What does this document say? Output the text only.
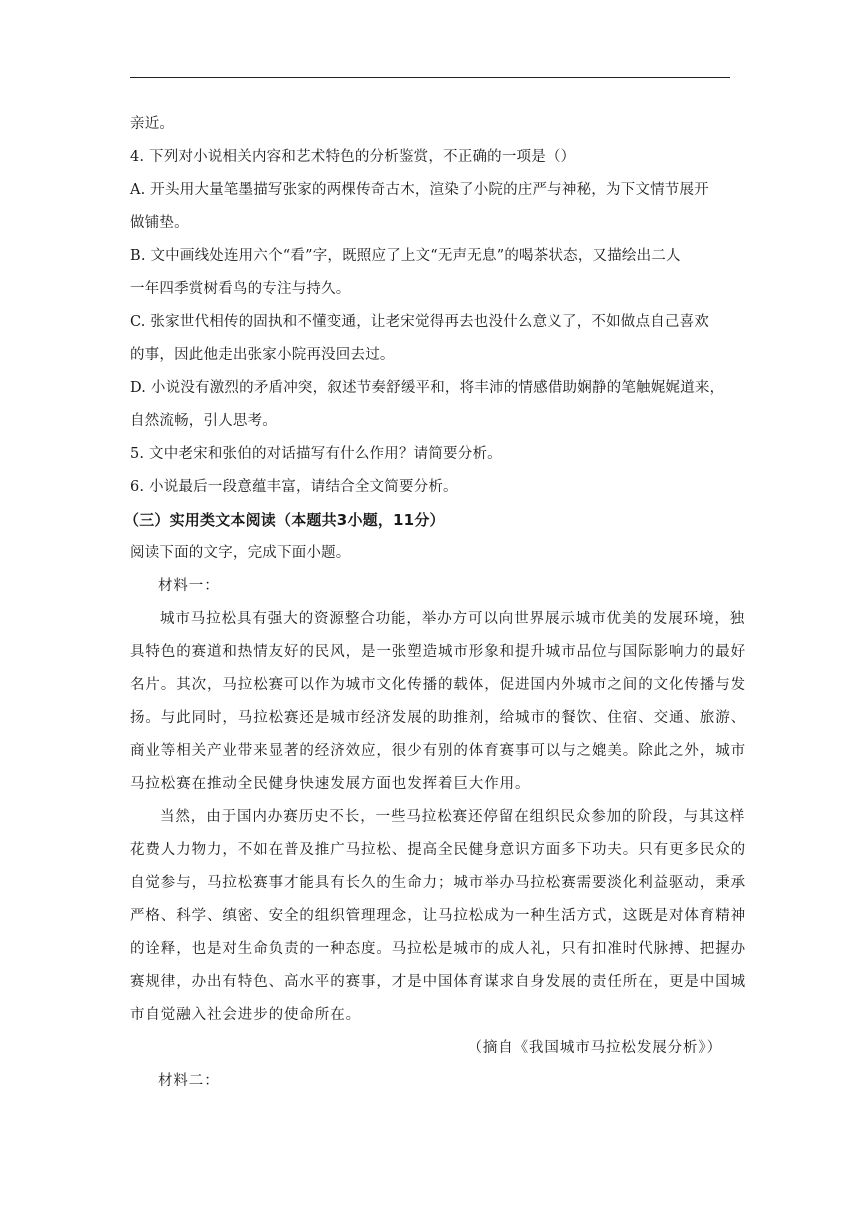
亲近。
4. 下列对小说相关内容和艺术特色的分析鉴赏，不正确的一项是（）
A. 开头用大量笔墨描写张家的两棵传奇古木，渲染了小院的庄严与神秘，为下文情节展开
做铺垫。
B. 文中画线处连用六个“看”字，既照应了上文“无声无息”的喝茶状态，又描绘出二人
一年四季赏树看鸟的专注与持久。
C. 张家世代相传的固执和不懂变通，让老宋觉得再去也没什么意义了，不如做点自己喜欢
的事，因此他走出张家小院再没回去过。
D. 小说没有激烈的矛盾冲突，叙述节奏舒缓平和，将丰沛的情感借助娴静的笔触娓娓道来，
自然流畅，引人思考。
5. 文中老宋和张伯的对话描写有什么作用？请简要分析。
6. 小说最后一段意蕴丰富，请结合全文简要分析。
（三）实用类文本阅读（本题共3小题，11分）
阅读下面的文字，完成下面小题。
材料一：
城市马拉松具有强大的资源整合功能，举办方可以向世界展示城市优美的发展环境，独
具特色的赛道和热情友好的民风，是一张塑造城市形象和提升城市品位与国际影响力的最好
名片。其次，马拉松赛可以作为城市文化传播的载体，促进国内外城市之间的文化传播与发
扬。与此同时，马拉松赛还是城市经济发展的助推剂，给城市的餐饮、住宿、交通、旅游、
商业等相关产业带来显著的经济效应，很少有别的体育赛事可以与之媲美。除此之外，城市
马拉松赛在推动全民健身快速发展方面也发挥着巨大作用。
当然，由于国内办赛历史不长，一些马拉松赛还停留在组织民众参加的阶段，与其这样
花费人力物力，不如在普及推广马拉松、提高全民健身意识方面多下功夫。只有更多民众的
自觉参与，马拉松赛事才能具有长久的生命力；城市举办马拉松赛需要淡化利益驱动，秉承
严格、科学、缜密、安全的组织管理理念，让马拉松成为一种生活方式，这既是对体育精神
的诠释，也是对生命负责的一种态度。马拉松是城市的成人礼，只有扣准时代脉搏、把握办
赛规律，办出有特色、高水平的赛事，才是中国体育谋求自身发展的责任所在，更是中国城
市自觉融入社会进步的使命所在。
（摘自《我国城市马拉松发展分析》）
材料二：
